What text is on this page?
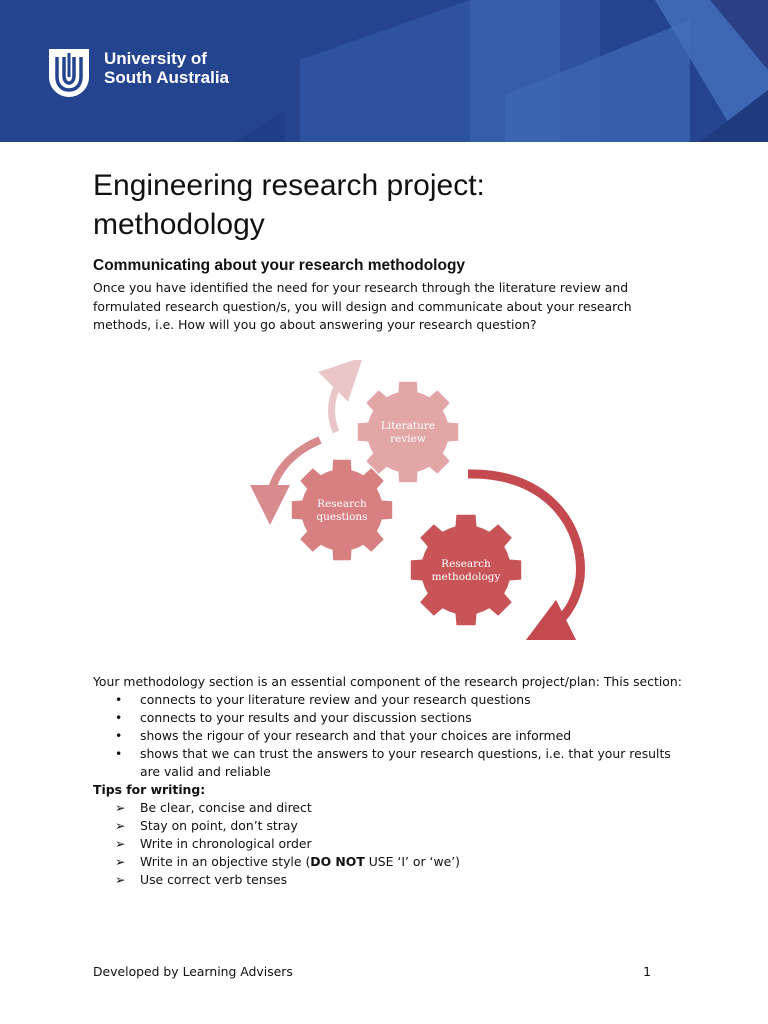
University of
South Australia
Engineering research project:
methodology
Communicating about your research methodology
Once you have identified the need for your research through the literature review and formulated research question/s, you will design and communicate about your research methods, i.e. How will you go about answering your research question?
Literature
review
Research
questions
Research
methodology

Your methodology section is an essential component of the research project/plan: This section:

• connects to your literature review and your research questions
• connects to your results and your discussion sections
• shows the rigour of your research and that your choices are informed
• shows that we can trust the answers to your research questions, i.e. that your results are valid and reliable

Tips for writing:

➢ Be clear, concise and direct
➢ Stay on point, don’t stray
➢ Write in chronological order
➢ Write in an objective style (DO NOT USE ‘I’ or ‘we’)
➢ Use correct verb tenses
Developed by Learning Advisers	1
